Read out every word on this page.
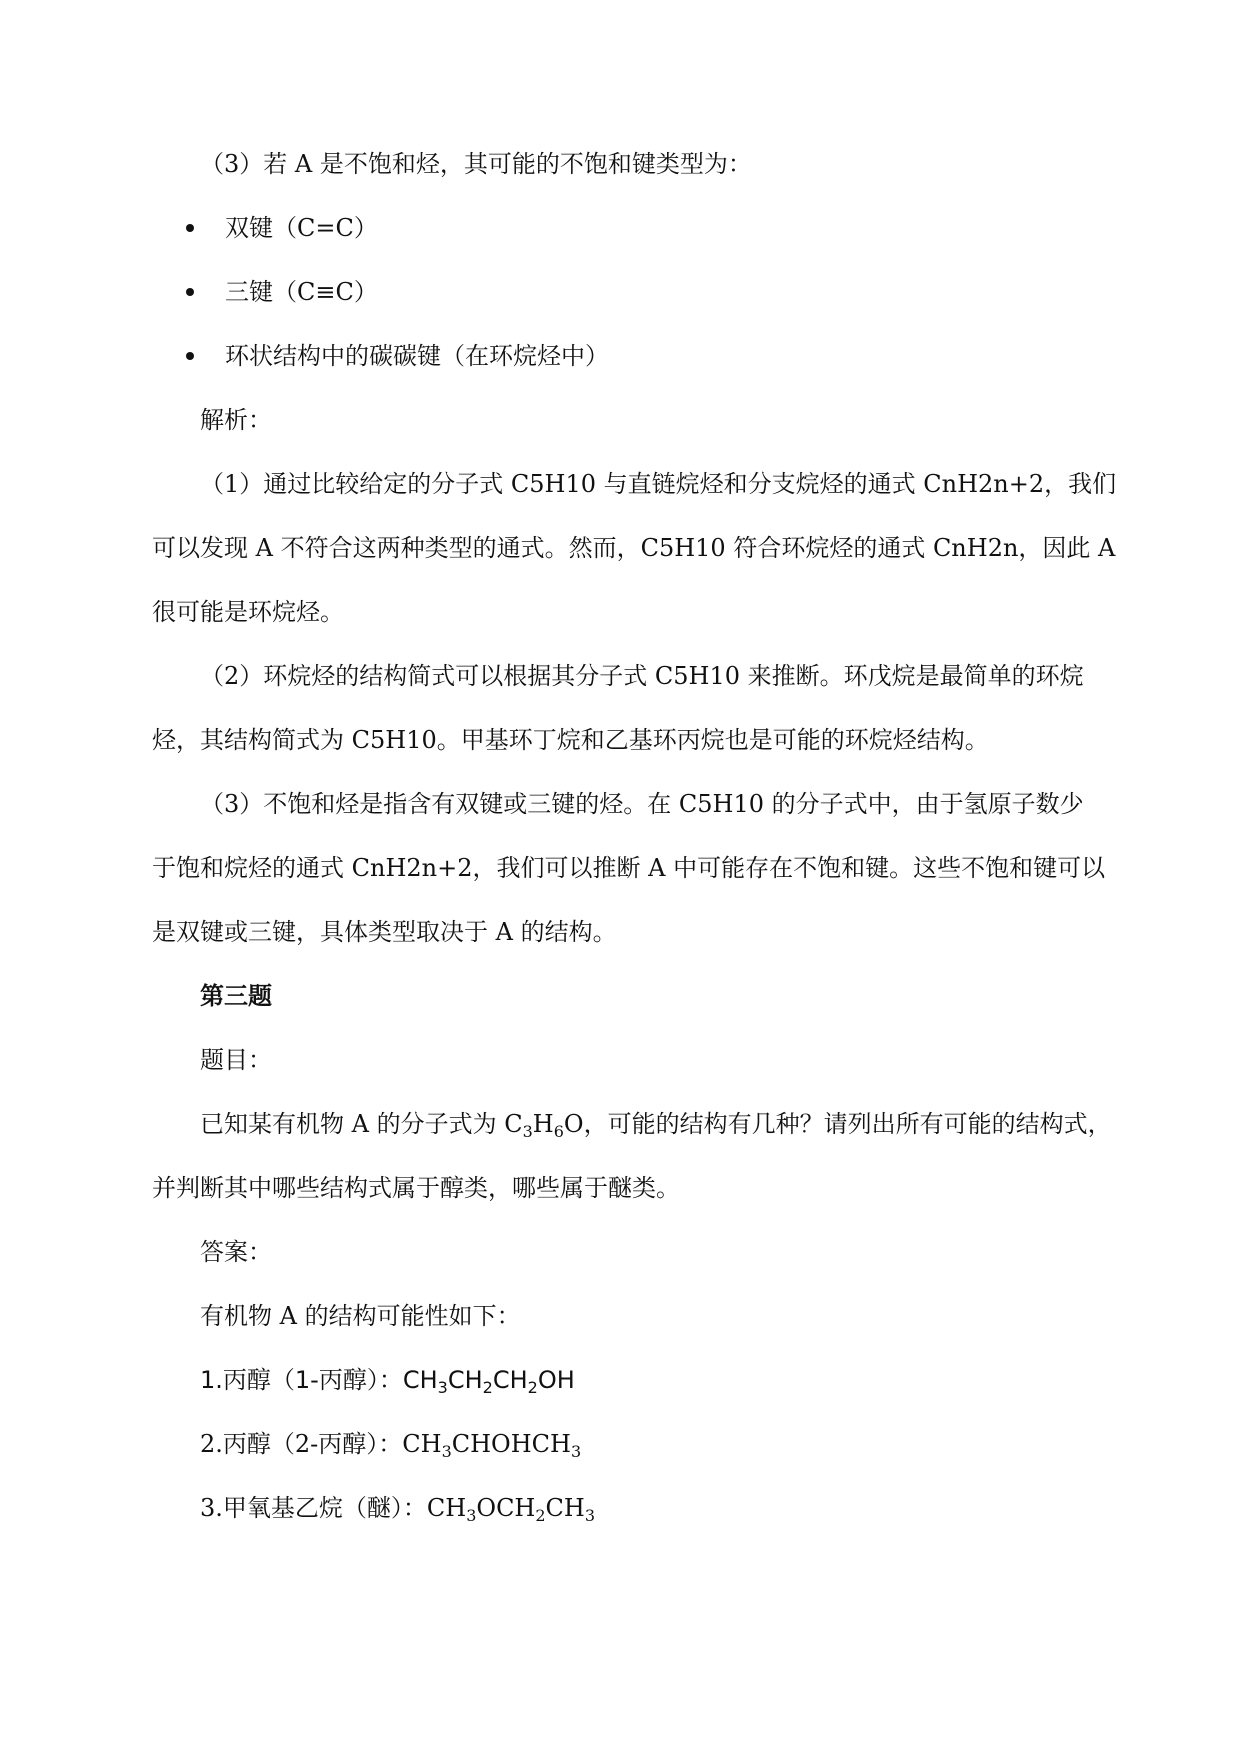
（3）若 A 是不饱和烃，其可能的不饱和键类型为：
双键（C=C）
三键（C≡C）
环状结构中的碳碳键（在环烷烃中）
解析：
（1）通过比较给定的分子式 C5H10 与直链烷烃和分支烷烃的通式 CnH2n+2，我们
可以发现 A 不符合这两种类型的通式。然而，C5H10 符合环烷烃的通式 CnH2n，因此 A
很可能是环烷烃。
（2）环烷烃的结构简式可以根据其分子式 C5H10 来推断。环戊烷是最简单的环烷
烃，其结构简式为 C5H10。甲基环丁烷和乙基环丙烷也是可能的环烷烃结构。
（3）不饱和烃是指含有双键或三键的烃。在 C5H10 的分子式中，由于氢原子数少
于饱和烷烃的通式 CnH2n+2，我们可以推断 A 中可能存在不饱和键。这些不饱和键可以
是双键或三键，具体类型取决于 A 的结构。
第三题
题目：
已知某有机物 A 的分子式为 $C_3H_6O$，可能的结构有几种？请列出所有可能的结构式，
并判断其中哪些结构式属于醇类，哪些属于醚类。
答案：
有机物 A 的结构可能性如下：
1.丙醇（1-丙醇）：$CH_3CH_2CH_2OH$
2.丙醇（2-丙醇）：$CH_3CHOHCH_3$
3.甲氧基乙烷（醚）：$CH_3OCH_2CH_3$
